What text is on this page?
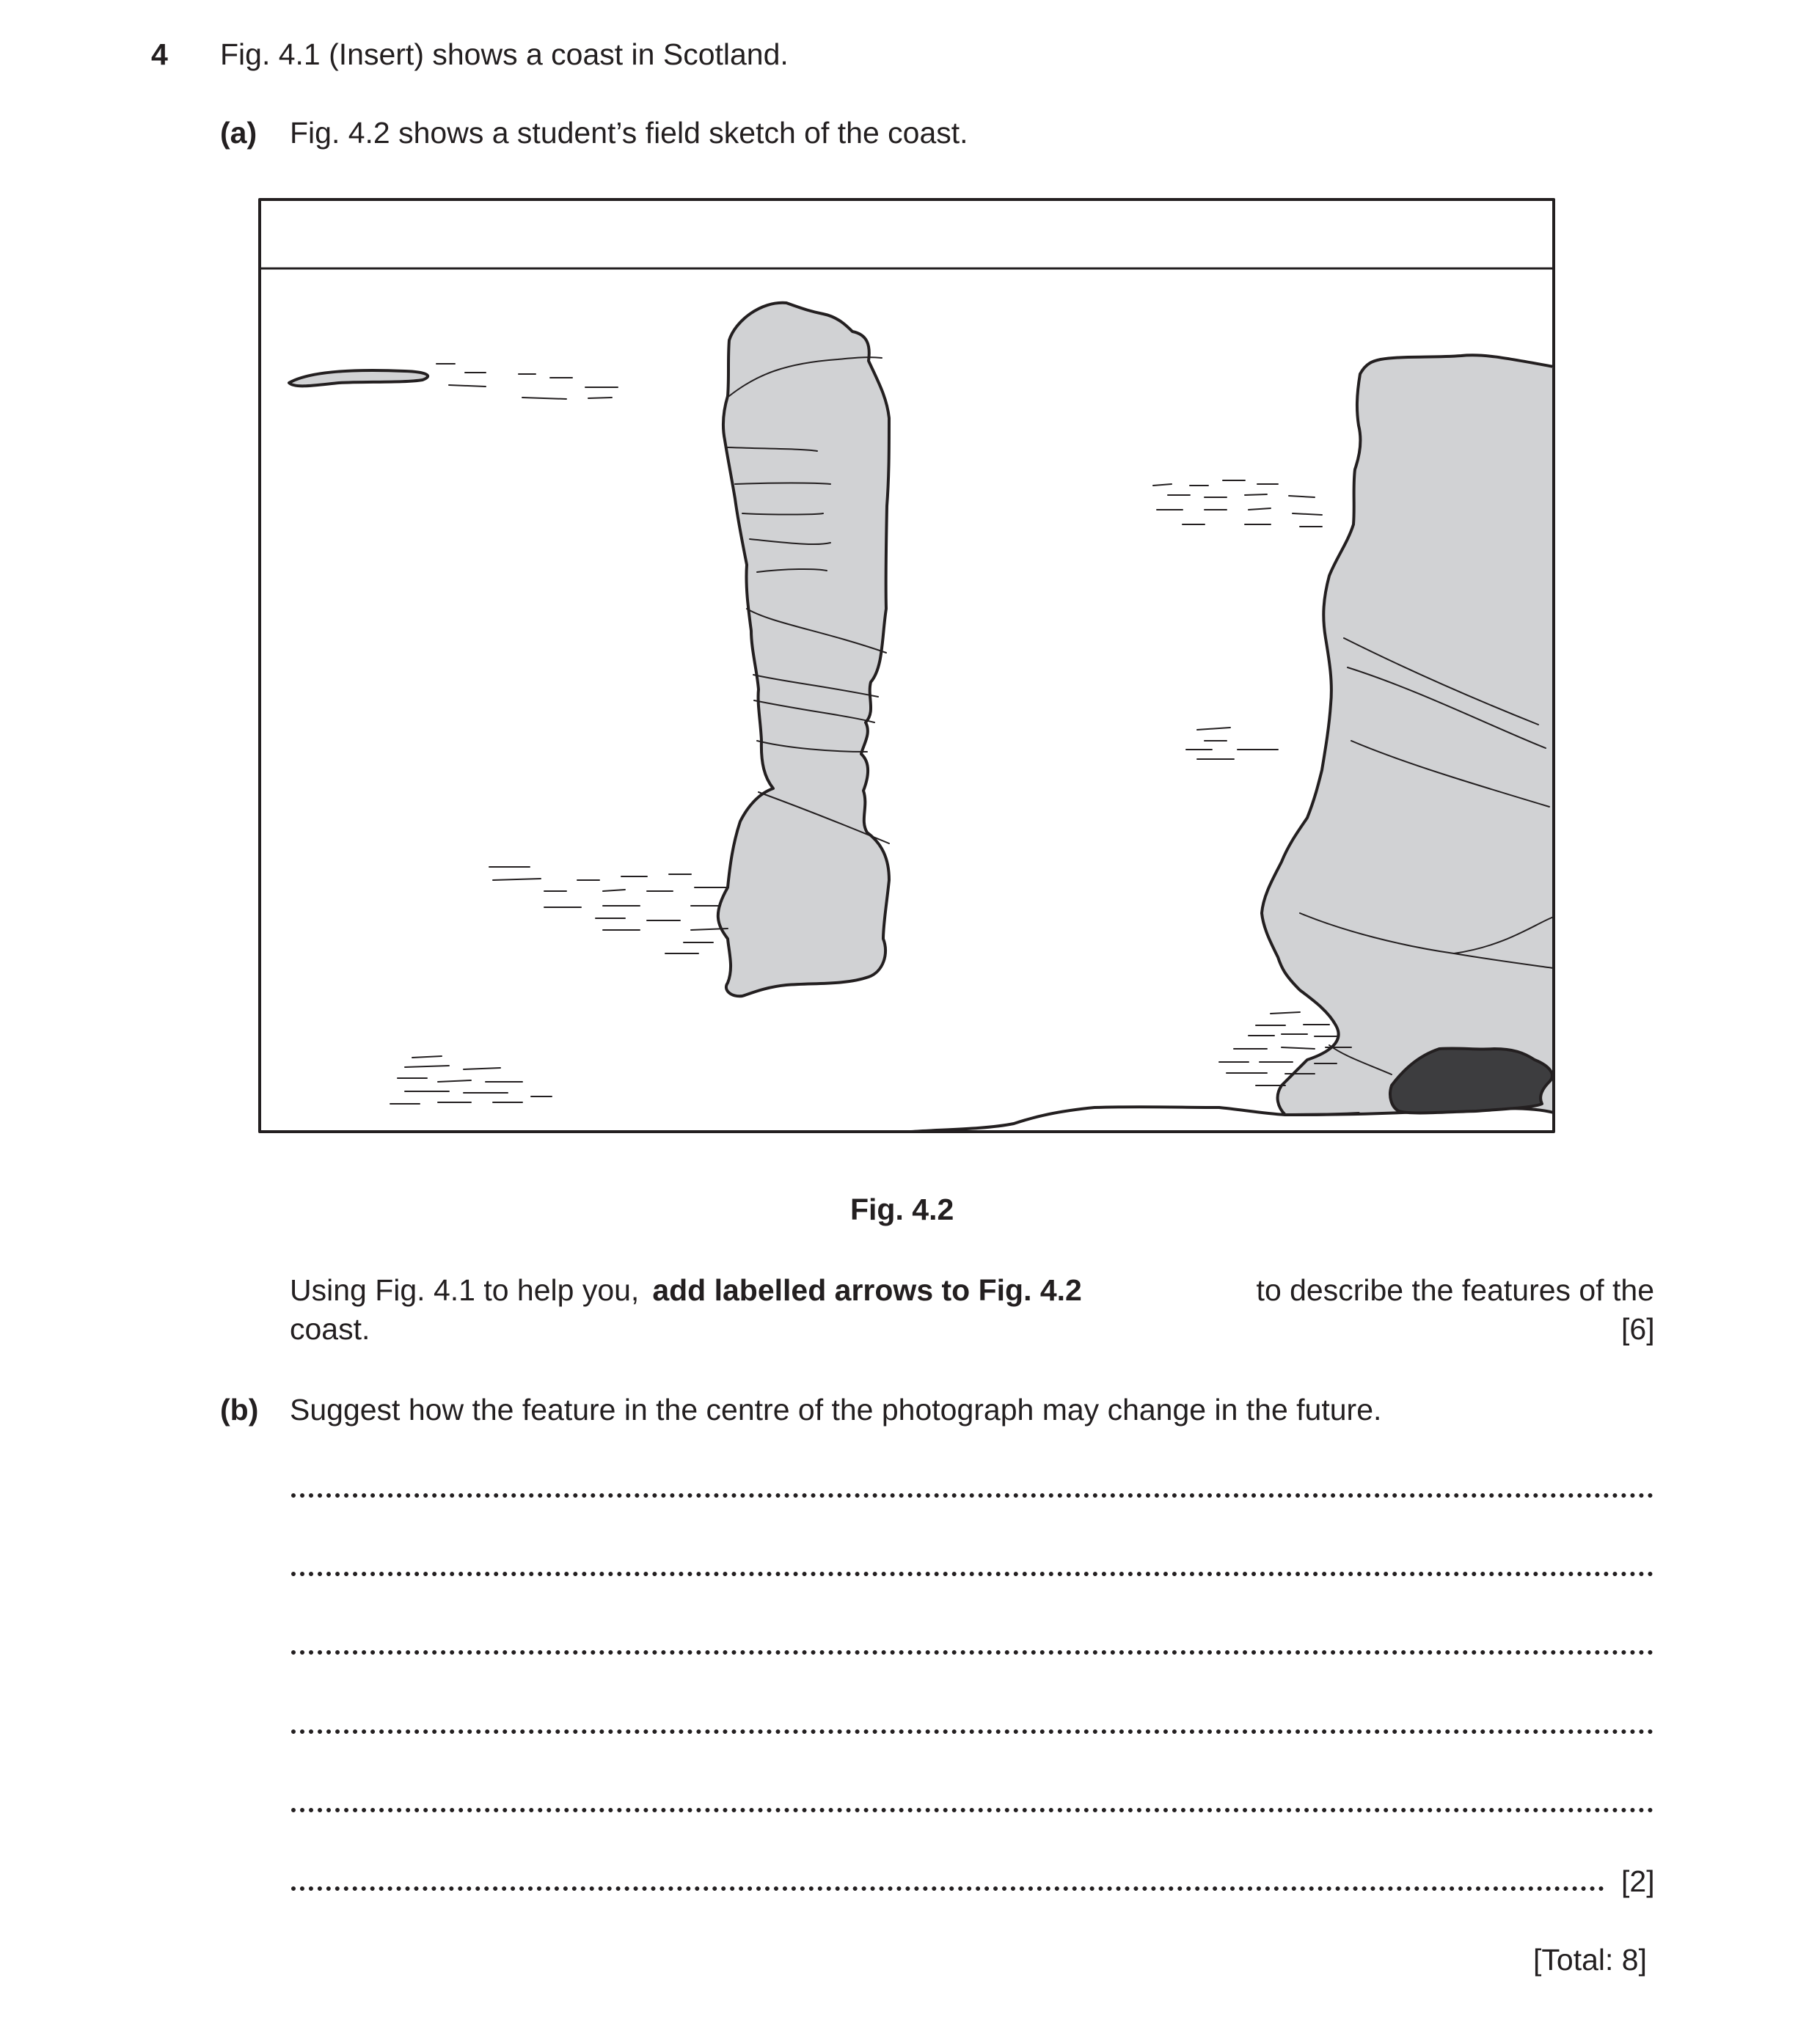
4 Fig. 4.1 (Insert) shows a coast in Scotland.
(a) Fig. 4.2 shows a student’s field sketch of the coast.
Fig. 4.2
Using Fig. 4.1 to help you, add labelled arrows to Fig. 4.2	to describe the features of the
coast.	[6]
(b) Suggest how the feature in the centre of the photograph may change in the future.
[2]
[Total: 8]
